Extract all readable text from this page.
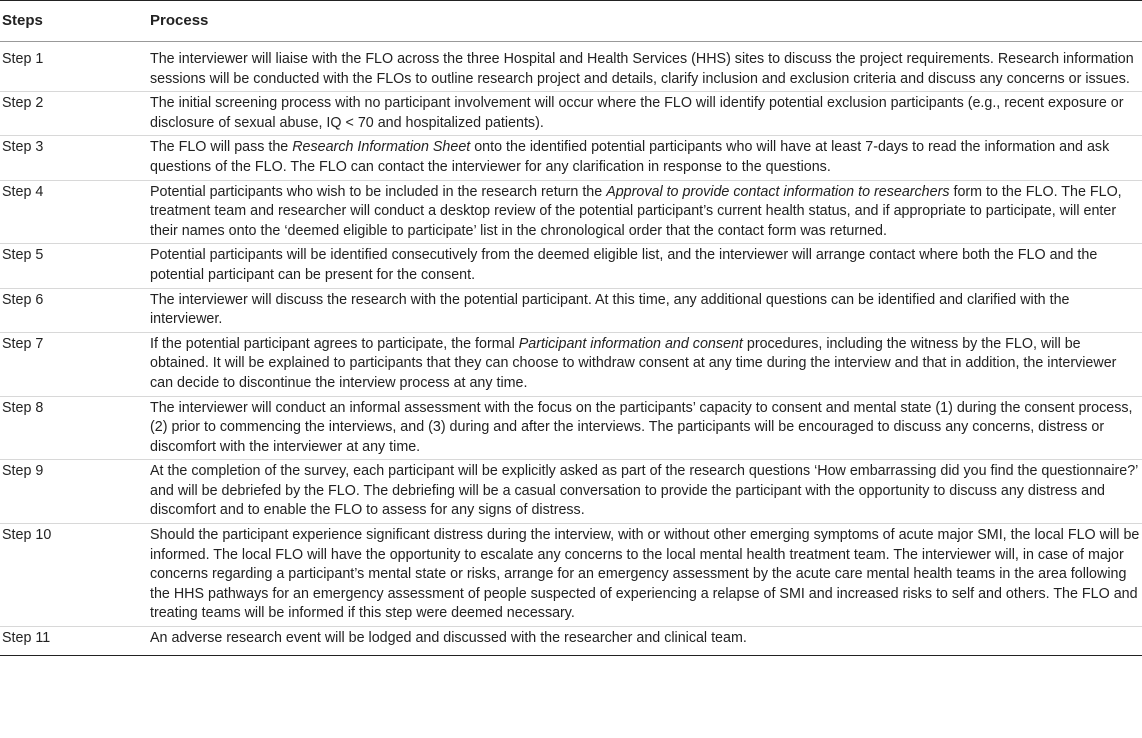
Steps	Process
Step 1	The interviewer will liaise with the FLO across the three Hospital and Health Services (HHS) sites to discuss the project requirements. Research information sessions will be conducted with the FLOs to outline research project and details, clarify inclusion and exclusion criteria and discuss any concerns or issues.
Step 2	The initial screening process with no participant involvement will occur where the FLO will identify potential exclusion participants (e.g., recent exposure or disclosure of sexual abuse, IQ < 70 and hospitalized patients).
Step 3	The FLO will pass the Research Information Sheet onto the identified potential participants who will have at least 7-days to read the information and ask questions of the FLO. The FLO can contact the interviewer for any clarification in response to the questions.
Step 4	Potential participants who wish to be included in the research return the Approval to provide contact information to researchers form to the FLO. The FLO, treatment team and researcher will conduct a desktop review of the potential participant’s current health status, and if appropriate to participate, will enter their names onto the ‘deemed eligible to participate’ list in the chronological order that the contact form was returned.
Step 5	Potential participants will be identified consecutively from the deemed eligible list, and the interviewer will arrange contact where both the FLO and the potential participant can be present for the consent.
Step 6	The interviewer will discuss the research with the potential participant. At this time, any additional questions can be identified and clarified with the interviewer.
Step 7	If the potential participant agrees to participate, the formal Participant information and consent procedures, including the witness by the FLO, will be obtained. It will be explained to participants that they can choose to withdraw consent at any time during the interview and that in addition, the interviewer can decide to discontinue the interview process at any time.
Step 8	The interviewer will conduct an informal assessment with the focus on the participants’ capacity to consent and mental state (1) during the consent process, (2) prior to commencing the interviews, and (3) during and after the interviews. The participants will be encouraged to discuss any concerns, distress or discomfort with the interviewer at any time.
Step 9	At the completion of the survey, each participant will be explicitly asked as part of the research questions ‘How embarrassing did you find the questionnaire?’ and will be debriefed by the FLO. The debriefing will be a casual conversation to provide the participant with the opportunity to discuss any distress and discomfort and to enable the FLO to assess for any signs of distress.
Step 10	Should the participant experience significant distress during the interview, with or without other emerging symptoms of acute major SMI, the local FLO will be informed. The local FLO will have the opportunity to escalate any concerns to the local mental health treatment team. The interviewer will, in case of major concerns regarding a participant’s mental state or risks, arrange for an emergency assessment by the acute care mental health teams in the area following the HHS pathways for an emergency assessment of people suspected of experiencing a relapse of SMI and increased risks to self and others. The FLO and treating teams will be informed if this step were deemed necessary.
Step 11	An adverse research event will be lodged and discussed with the researcher and clinical team.
